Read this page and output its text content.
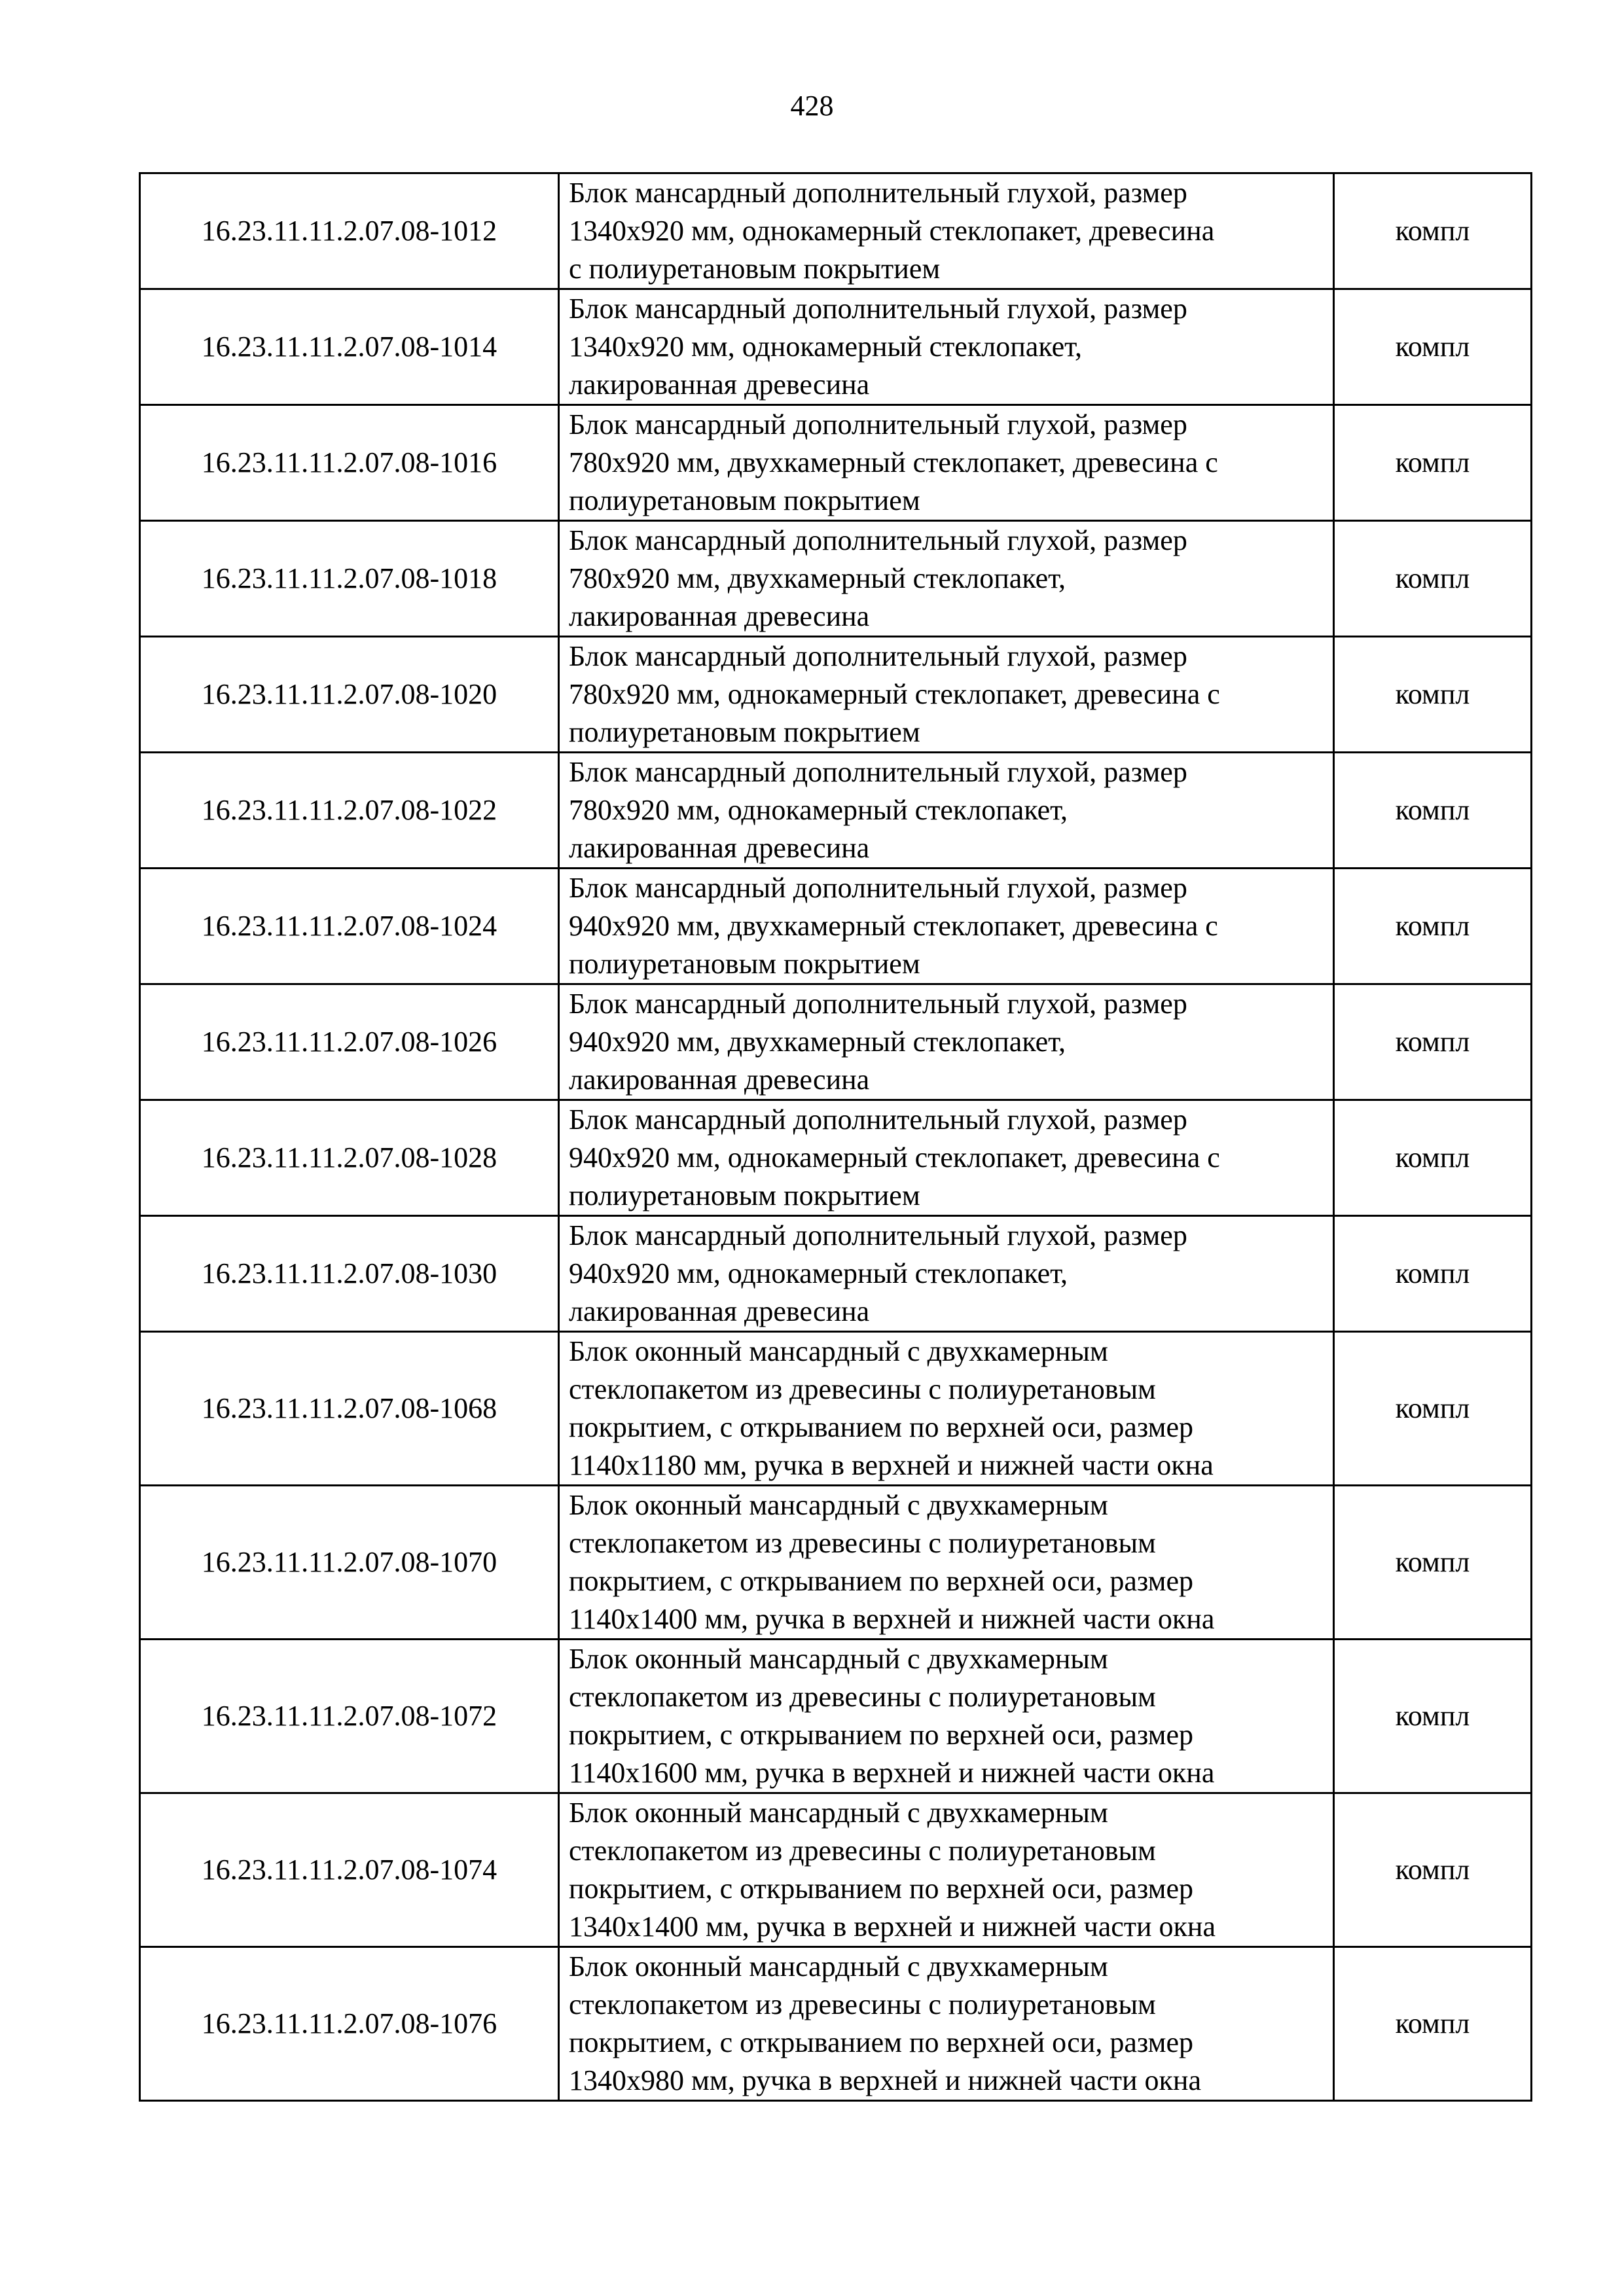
428
16.23.11.11.2.07.08-1012	Блок мансардный дополнительный глухой, размер
1340х920 мм, однокамерный стеклопакет, древесина
с полиуретановым покрытием	компл
16.23.11.11.2.07.08-1014	Блок мансардный дополнительный глухой, размер
1340х920 мм, однокамерный стеклопакет,
лакированная древесина	компл
16.23.11.11.2.07.08-1016	Блок мансардный дополнительный глухой, размер
780х920 мм, двухкамерный стеклопакет, древесина с
полиуретановым покрытием	компл
16.23.11.11.2.07.08-1018	Блок мансардный дополнительный глухой, размер
780х920 мм, двухкамерный стеклопакет,
лакированная древесина	компл
16.23.11.11.2.07.08-1020	Блок мансардный дополнительный глухой, размер
780х920 мм, однокамерный стеклопакет, древесина с
полиуретановым покрытием	компл
16.23.11.11.2.07.08-1022	Блок мансардный дополнительный глухой, размер
780х920 мм, однокамерный стеклопакет,
лакированная древесина	компл
16.23.11.11.2.07.08-1024	Блок мансардный дополнительный глухой, размер
940х920 мм, двухкамерный стеклопакет, древесина с
полиуретановым покрытием	компл
16.23.11.11.2.07.08-1026	Блок мансардный дополнительный глухой, размер
940х920 мм, двухкамерный стеклопакет,
лакированная древесина	компл
16.23.11.11.2.07.08-1028	Блок мансардный дополнительный глухой, размер
940х920 мм, однокамерный стеклопакет, древесина с
полиуретановым покрытием	компл
16.23.11.11.2.07.08-1030	Блок мансардный дополнительный глухой, размер
940х920 мм, однокамерный стеклопакет,
лакированная древесина	компл
16.23.11.11.2.07.08-1068	Блок оконный мансардный с двухкамерным
стеклопакетом из древесины с полиуретановым
покрытием, с открыванием по верхней оси, размер
1140х1180 мм, ручка в верхней и нижней части окна	компл
16.23.11.11.2.07.08-1070	Блок оконный мансардный с двухкамерным
стеклопакетом из древесины с полиуретановым
покрытием, с открыванием по верхней оси, размер
1140х1400 мм, ручка в верхней и нижней части окна	компл
16.23.11.11.2.07.08-1072	Блок оконный мансардный с двухкамерным
стеклопакетом из древесины с полиуретановым
покрытием, с открыванием по верхней оси, размер
1140х1600 мм, ручка в верхней и нижней части окна	компл
16.23.11.11.2.07.08-1074	Блок оконный мансардный с двухкамерным
стеклопакетом из древесины с полиуретановым
покрытием, с открыванием по верхней оси, размер
1340х1400 мм, ручка в верхней и нижней части окна	компл
16.23.11.11.2.07.08-1076	Блок оконный мансардный с двухкамерным
стеклопакетом из древесины с полиуретановым
покрытием, с открыванием по верхней оси, размер
1340х980 мм, ручка в верхней и нижней части окна	компл
